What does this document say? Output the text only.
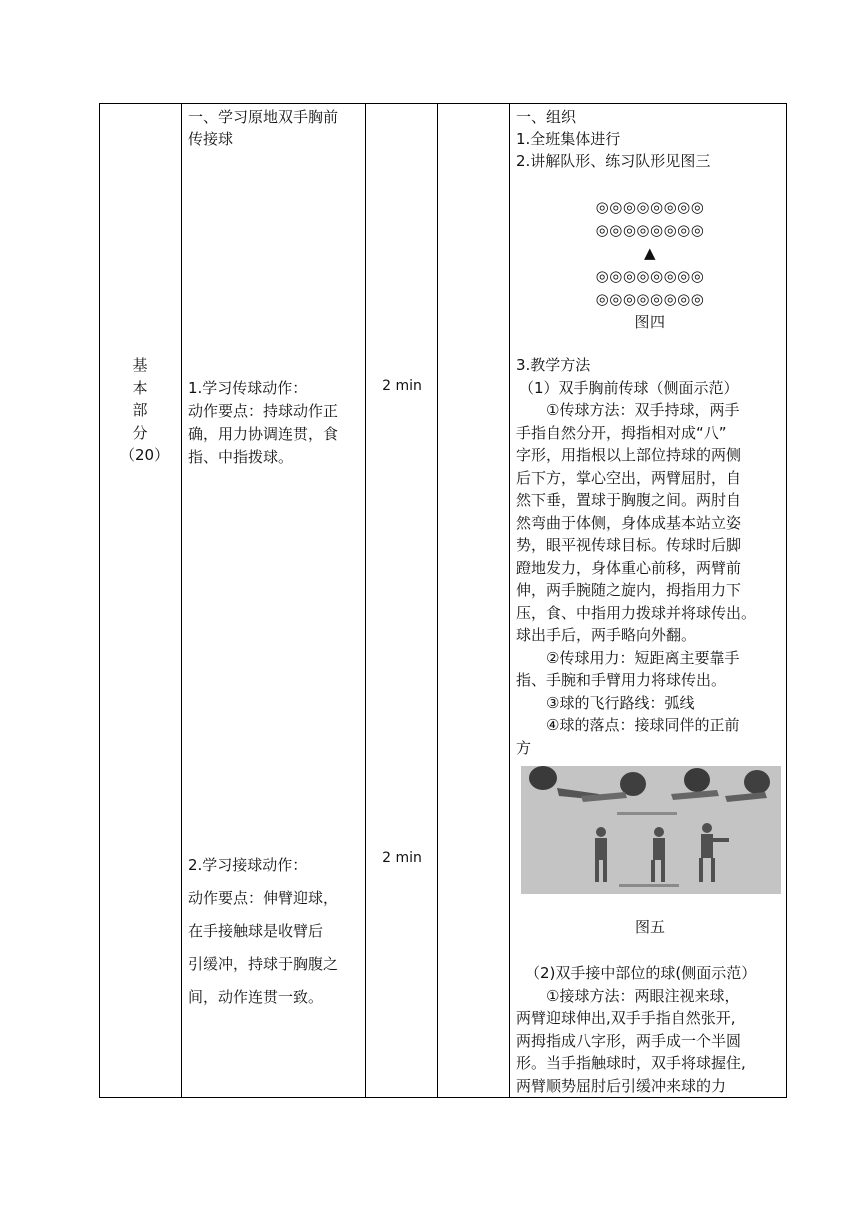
基
本
部
分
（20）

一、学习原地双手胸前

传接球

1.学习传球动作：

动作要点：持球动作正

确，用力协调连贯，食

指、中指拨球。

2.学习接球动作：

动作要点：伸臂迎球，

在手接触球是收臂后

引缓冲，持球于胸腹之

间，动作连贯一致。

2 min
2 min

一、组织

1.全班集体进行

2.讲解队形、练习队形见图三

◎◎◎◎◎◎◎◎
◎◎◎◎◎◎◎◎
▲
◎◎◎◎◎◎◎◎
◎◎◎◎◎◎◎◎
图四

3.教学方法

（1）双手胸前传球（侧面示范）

①传球方法：双手持球，两手

手指自然分开，拇指相对成“八”

字形，用指根以上部位持球的两侧

后下方，掌心空出，两臂屈肘，自

然下垂，置球于胸腹之间。两肘自

然弯曲于体侧，身体成基本站立姿

势，眼平视传球目标。传球时后脚

蹬地发力，身体重心前移，两臂前

伸，两手腕随之旋内，拇指用力下

压，食、中指用力拨球并将球传出。

球出手后，两手略向外翻。

②传球用力：短距离主要靠手

指、手腕和手臂用力将球传出。

③球的飞行路线：弧线

④球的落点：接球同伴的正前

方

图五

（2)双手接中部位的球(侧面示范）

①接球方法：两眼注视来球，

两臂迎球伸出,双手手指自然张开,

两拇指成八字形，两手成一个半圆

形。当手指触球时，双手将球握住,

两臂顺势屈肘后引缓冲来球的力
